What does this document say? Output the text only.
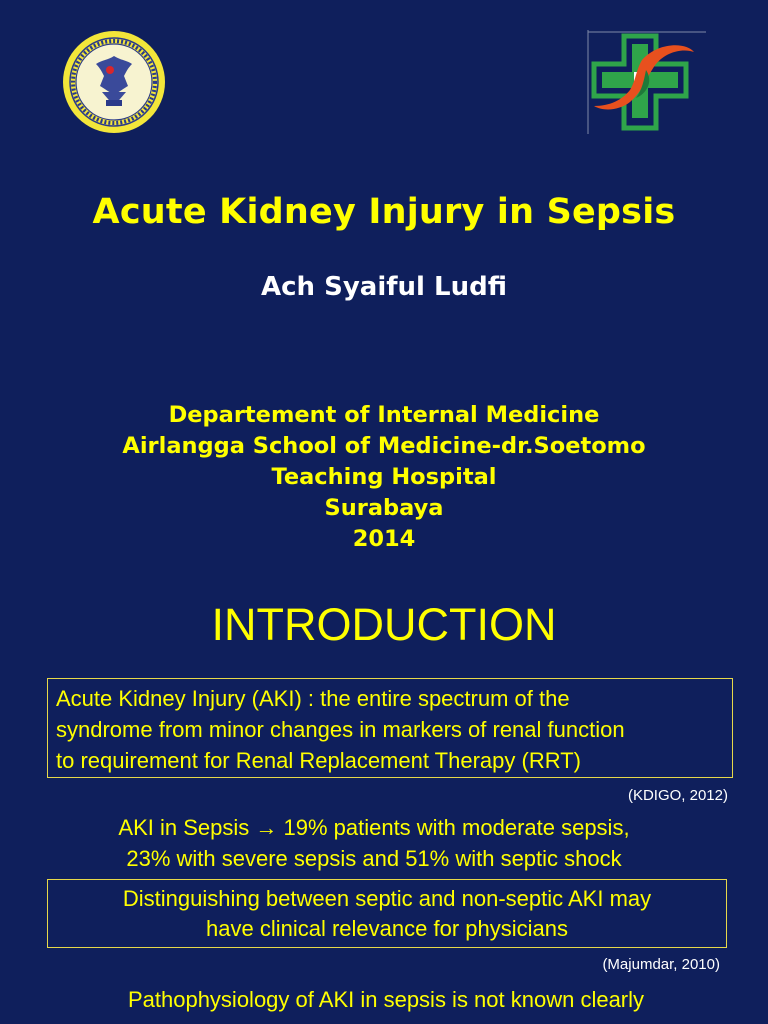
Acute Kidney Injury in Sepsis
Ach Syaiful Ludfi
Departement of Internal Medicine
Airlangga School of Medicine-dr.Soetomo
Teaching Hospital
Surabaya
2014
INTRODUCTION
Acute Kidney Injury (AKI) : the entire spectrum of the
syndrome from minor changes in markers of renal function
to requirement for Renal Replacement Therapy (RRT)
(KDIGO, 2012)
AKI in Sepsis → 19% patients with moderate sepsis,
23% with severe sepsis and 51% with septic shock
Distinguishing between septic and non-septic AKI may
have clinical relevance for physicians
(Majumdar, 2010)
Pathophysiology of AKI in sepsis is not known clearly
